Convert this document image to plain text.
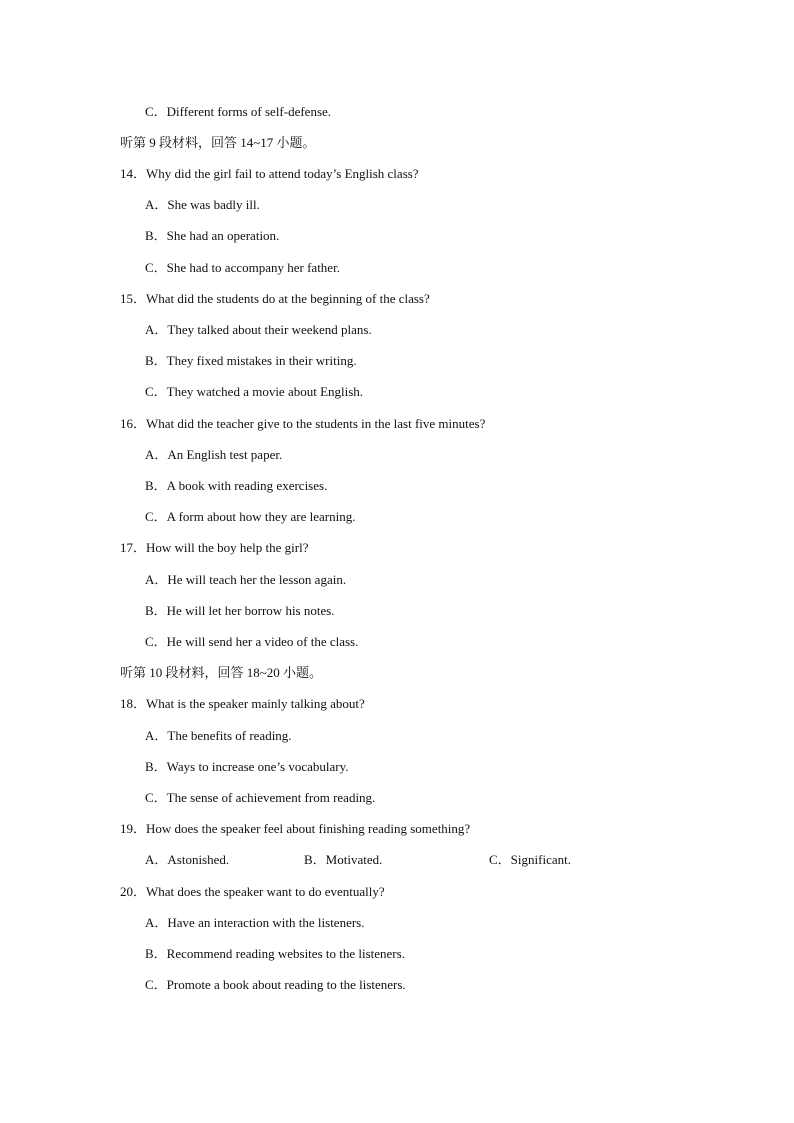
C．Different forms of self-defense.
听第 9 段材料，回答 14~17 小题。
14．Why did the girl fail to attend today’s English class?
A．She was badly ill.
B．She had an operation.
C．She had to accompany her father.
15．What did the students do at the beginning of the class?
A．They talked about their weekend plans.
B．They fixed mistakes in their writing.
C．They watched a movie about English.
16．What did the teacher give to the students in the last five minutes?
A．An English test paper.
B．A book with reading exercises.
C．A form about how they are learning.
17．How will the boy help the girl?
A．He will teach her the lesson again.
B．He will let her borrow his notes.
C．He will send her a video of the class.
听第 10 段材料，回答 18~20 小题。
18．What is the speaker mainly talking about?
A．The benefits of reading.
B．Ways to increase one’s vocabulary.
C．The sense of achievement from reading.
19．How does the speaker feel about finishing reading something?
A．Astonished.	B．Motivated.	C．Significant.
20．What does the speaker want to do eventually?
A．Have an interaction with the listeners.
B．Recommend reading websites to the listeners.
C．Promote a book about reading to the listeners.
